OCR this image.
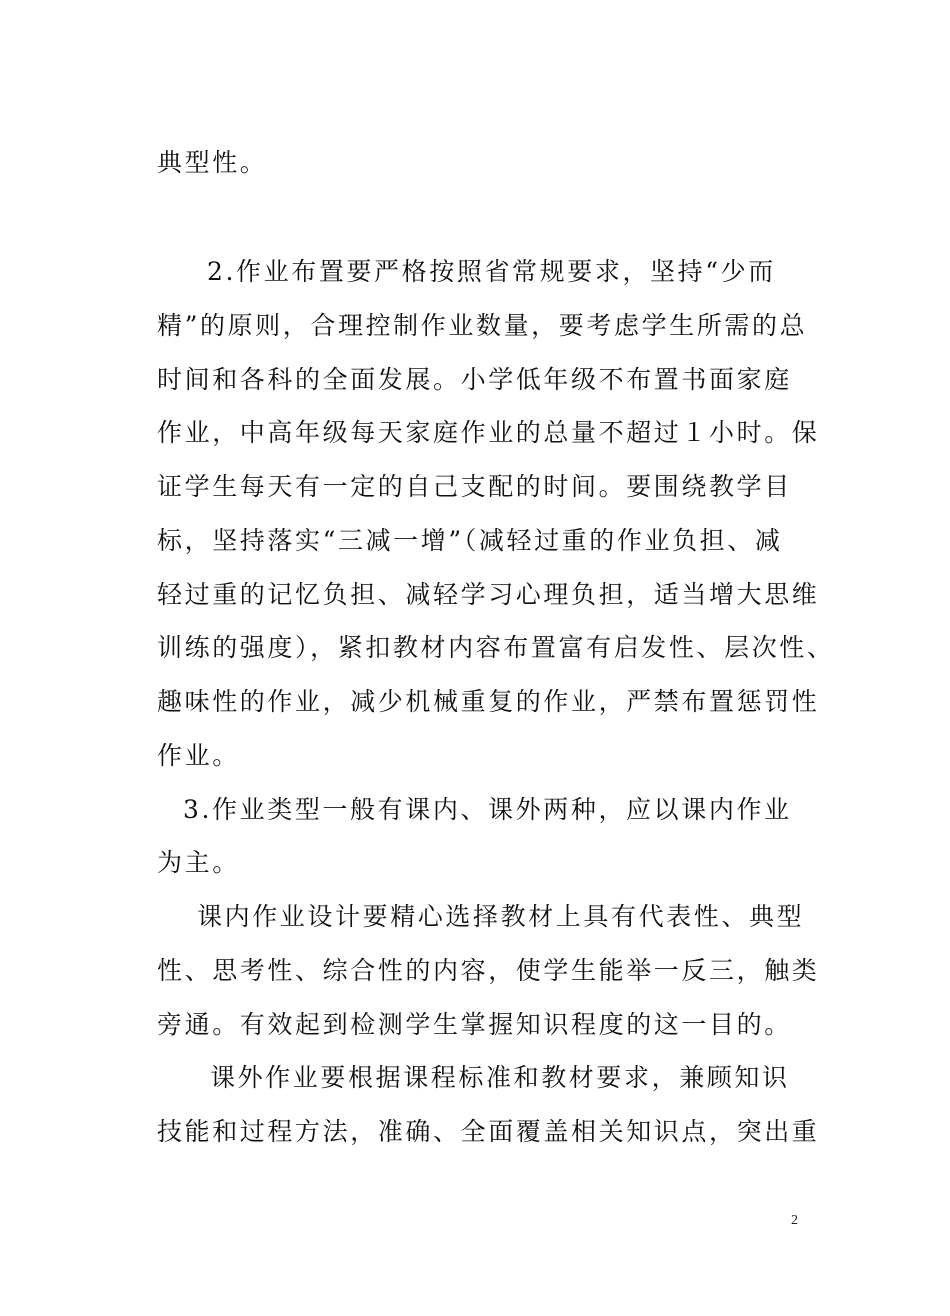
典型性。
2.作业布置要严格按照省常规要求，坚持“少而
精”的原则，合理控制作业数量，要考虑学生所需的总
时间和各科的全面发展。小学低年级不布置书面家庭
作业，中高年级每天家庭作业的总量不超过１小时。保
证学生每天有一定的自己支配的时间。要围绕教学目
标，坚持落实“三减一增”（减轻过重的作业负担、减
轻过重的记忆负担、减轻学习心理负担，适当增大思维
训练的强度），紧扣教材内容布置富有启发性、层次性、
趣味性的作业，减少机械重复的作业，严禁布置惩罚性
作业。
3.作业类型一般有课内、课外两种，应以课内作业
为主。
课内作业设计要精心选择教材上具有代表性、典型
性、思考性、综合性的内容，使学生能举一反三，触类
旁通。有效起到检测学生掌握知识程度的这一目的。
课外作业要根据课程标准和教材要求，兼顾知识
技能和过程方法，准确、全面覆盖相关知识点，突出重
2
